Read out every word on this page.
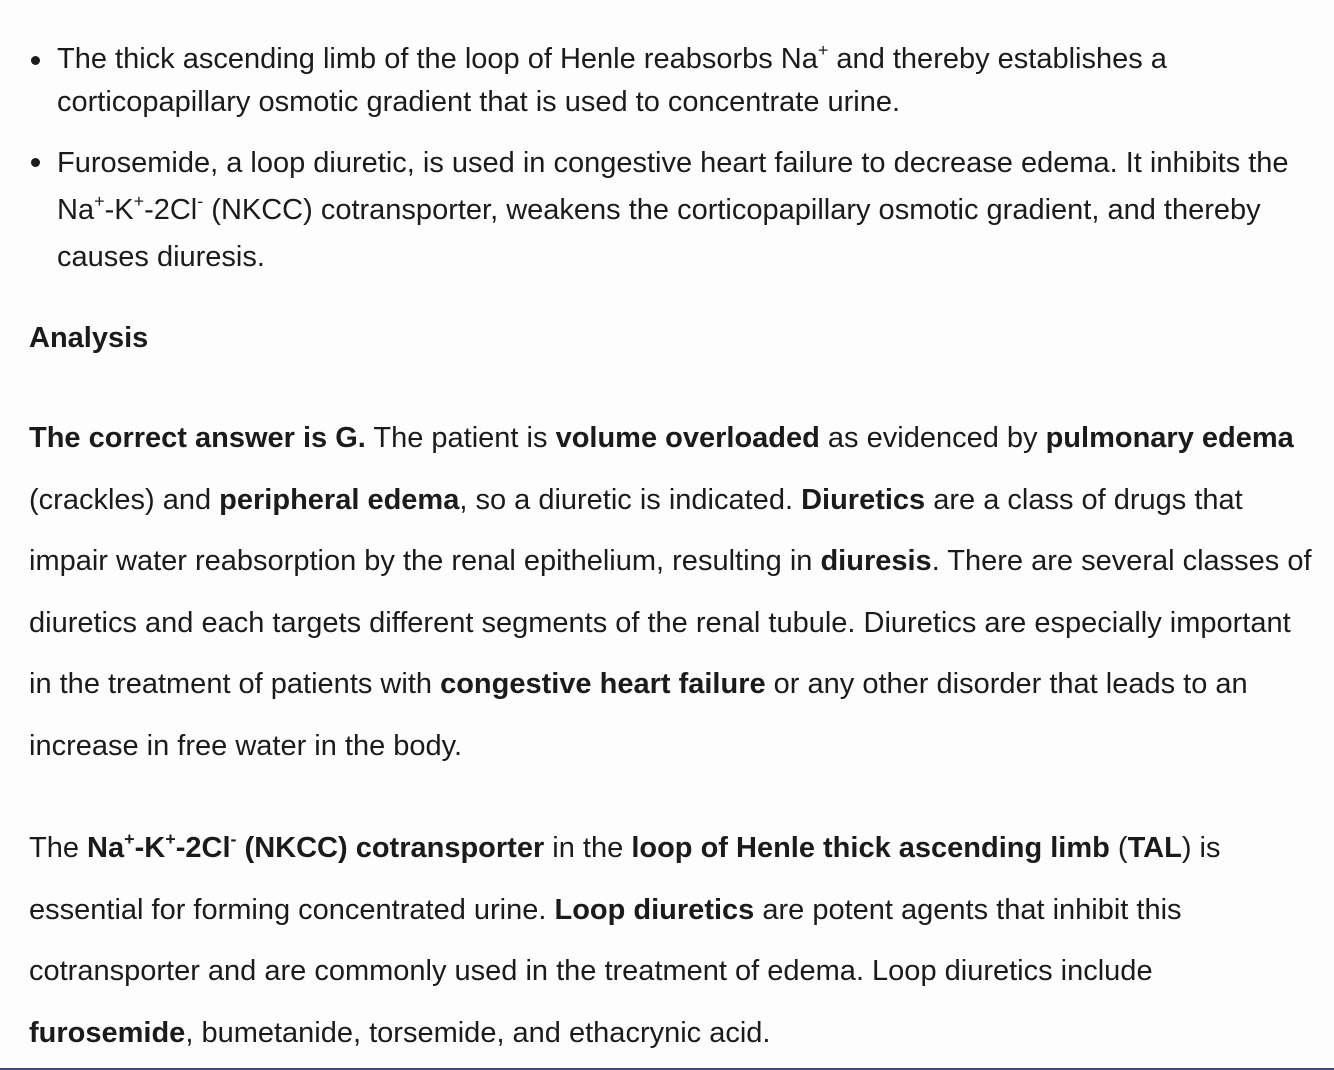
The thick ascending limb of the loop of Henle reabsorbs Na+ and thereby establishes a corticopapillary osmotic gradient that is used to concentrate urine.
Furosemide, a loop diuretic, is used in congestive heart failure to decrease edema. It inhibits the Na+-K+-2Cl- (NKCC) cotransporter, weakens the corticopapillary osmotic gradient, and thereby causes diuresis.
Analysis

The correct answer is G. The patient is volume overloaded as evidenced by pulmonary edema (crackles) and peripheral edema, so a diuretic is indicated. Diuretics are a class of drugs that impair water reabsorption by the renal epithelium, resulting in diuresis. There are several classes of diuretics and each targets different segments of the renal tubule. Diuretics are especially important in the treatment of patients with congestive heart failure or any other disorder that leads to an increase in free water in the body.

The Na+-K+-2Cl- (NKCC) cotransporter in the loop of Henle thick ascending limb (TAL) is essential for forming concentrated urine. Loop diuretics are potent agents that inhibit this cotransporter and are commonly used in the treatment of edema. Loop diuretics include furosemide, bumetanide, torsemide, and ethacrynic acid.
